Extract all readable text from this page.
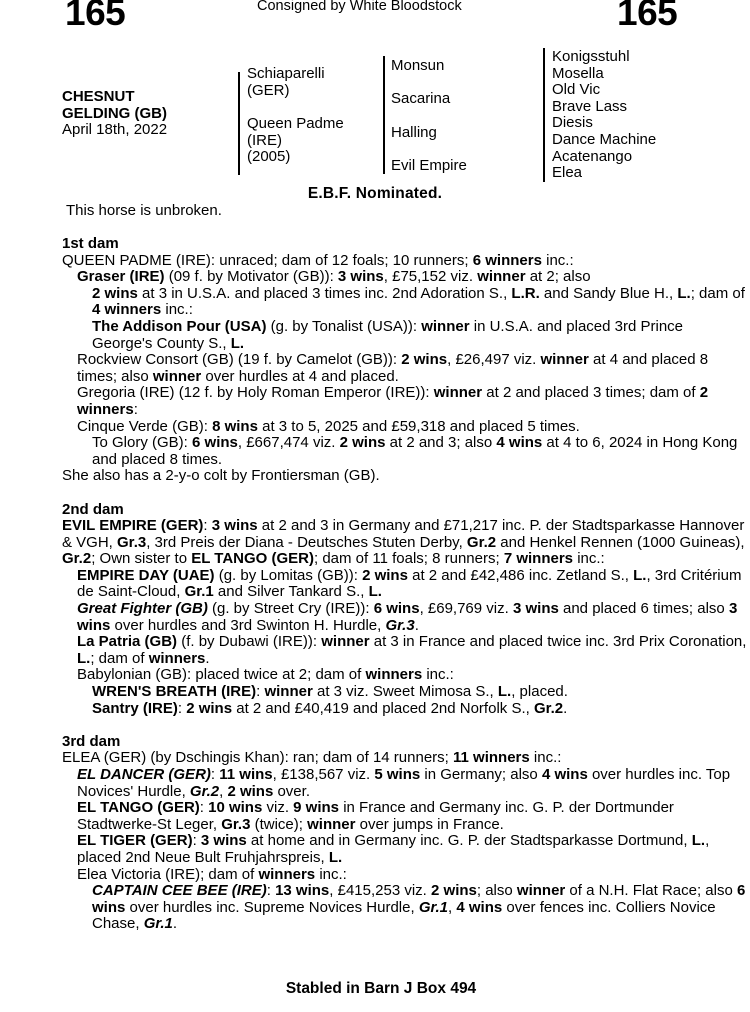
165	Consigned by White Bloodstock	165
CHESNUT
GELDING (GB)
April 18th, 2022
Schiaparelli
(GER)
Queen Padme
(IRE)
(2005)
Monsun
Sacarina
Halling
Evil Empire
Konigsstuhl
Mosella
Old Vic
Brave Lass
Diesis
Dance Machine
Acatenango
Elea
E.B.F. Nominated.
This horse is unbroken.
1st dam
QUEEN PADME (IRE): unraced; dam of 12 foals; 10 runners; 6 winners inc.:
Graser (IRE) (09 f. by Motivator (GB)): 3 wins, £75,152 viz. winner at 2; also
2 wins at 3 in U.S.A. and placed 3 times inc. 2nd Adoration S., L.R. and Sandy Blue H., L.; dam of 4 winners inc.:
The Addison Pour (USA) (g. by Tonalist (USA)): winner in U.S.A. and placed 3rd Prince George's County S., L.
Rockview Consort (GB) (19 f. by Camelot (GB)): 2 wins, £26,497 viz. winner at 4 and placed 8 times; also winner over hurdles at 4 and placed.
Gregoria (IRE) (12 f. by Holy Roman Emperor (IRE)): winner at 2 and placed 3 times; dam of 2 winners:
Cinque Verde (GB): 8 wins at 3 to 5, 2025 and £59,318 and placed 5 times.
To Glory (GB): 6 wins, £667,474 viz. 2 wins at 2 and 3; also 4 wins at 4 to 6, 2024 in Hong Kong and placed 8 times.
She also has a 2-y-o colt by Frontiersman (GB).
2nd dam
EVIL EMPIRE (GER): 3 wins at 2 and 3 in Germany and £71,217 inc. P. der Stadtsparkasse Hannover & VGH, Gr.3, 3rd Preis der Diana - Deutsches Stuten Derby, Gr.2 and Henkel Rennen (1000 Guineas), Gr.2; Own sister to EL TANGO (GER); dam of 11 foals; 8 runners; 7 winners inc.:
EMPIRE DAY (UAE) (g. by Lomitas (GB)): 2 wins at 2 and £42,486 inc. Zetland S., L., 3rd Critérium de Saint-Cloud, Gr.1 and Silver Tankard S., L.
Great Fighter (GB) (g. by Street Cry (IRE)): 6 wins, £69,769 viz. 3 wins and placed 6 times; also 3 wins over hurdles and 3rd Swinton H. Hurdle, Gr.3.
La Patria (GB) (f. by Dubawi (IRE)): winner at 3 in France and placed twice inc. 3rd Prix Coronation, L.; dam of winners.
Babylonian (GB): placed twice at 2; dam of winners inc.:
WREN'S BREATH (IRE): winner at 3 viz. Sweet Mimosa S., L., placed.
Santry (IRE): 2 wins at 2 and £40,419 and placed 2nd Norfolk S., Gr.2.
3rd dam
ELEA (GER) (by Dschingis Khan): ran; dam of 14 runners; 11 winners inc.:
EL DANCER (GER): 11 wins, £138,567 viz. 5 wins in Germany; also 4 wins over hurdles inc. Top Novices' Hurdle, Gr.2, 2 wins over.
EL TANGO (GER): 10 wins viz. 9 wins in France and Germany inc. G. P. der Dortmunder Stadtwerke-St Leger, Gr.3 (twice); winner over jumps in France.
EL TIGER (GER): 3 wins at home and in Germany inc. G. P. der Stadtsparkasse Dortmund, L., placed 2nd Neue Bult Fruhjahrspreis, L.
Elea Victoria (IRE); dam of winners inc.:
CAPTAIN CEE BEE (IRE): 13 wins, £415,253 viz. 2 wins; also winner of a N.H. Flat Race; also 6 wins over hurdles inc. Supreme Novices Hurdle, Gr.1, 4 wins over fences inc. Colliers Novice Chase, Gr.1.
Stabled in Barn J Box 494
